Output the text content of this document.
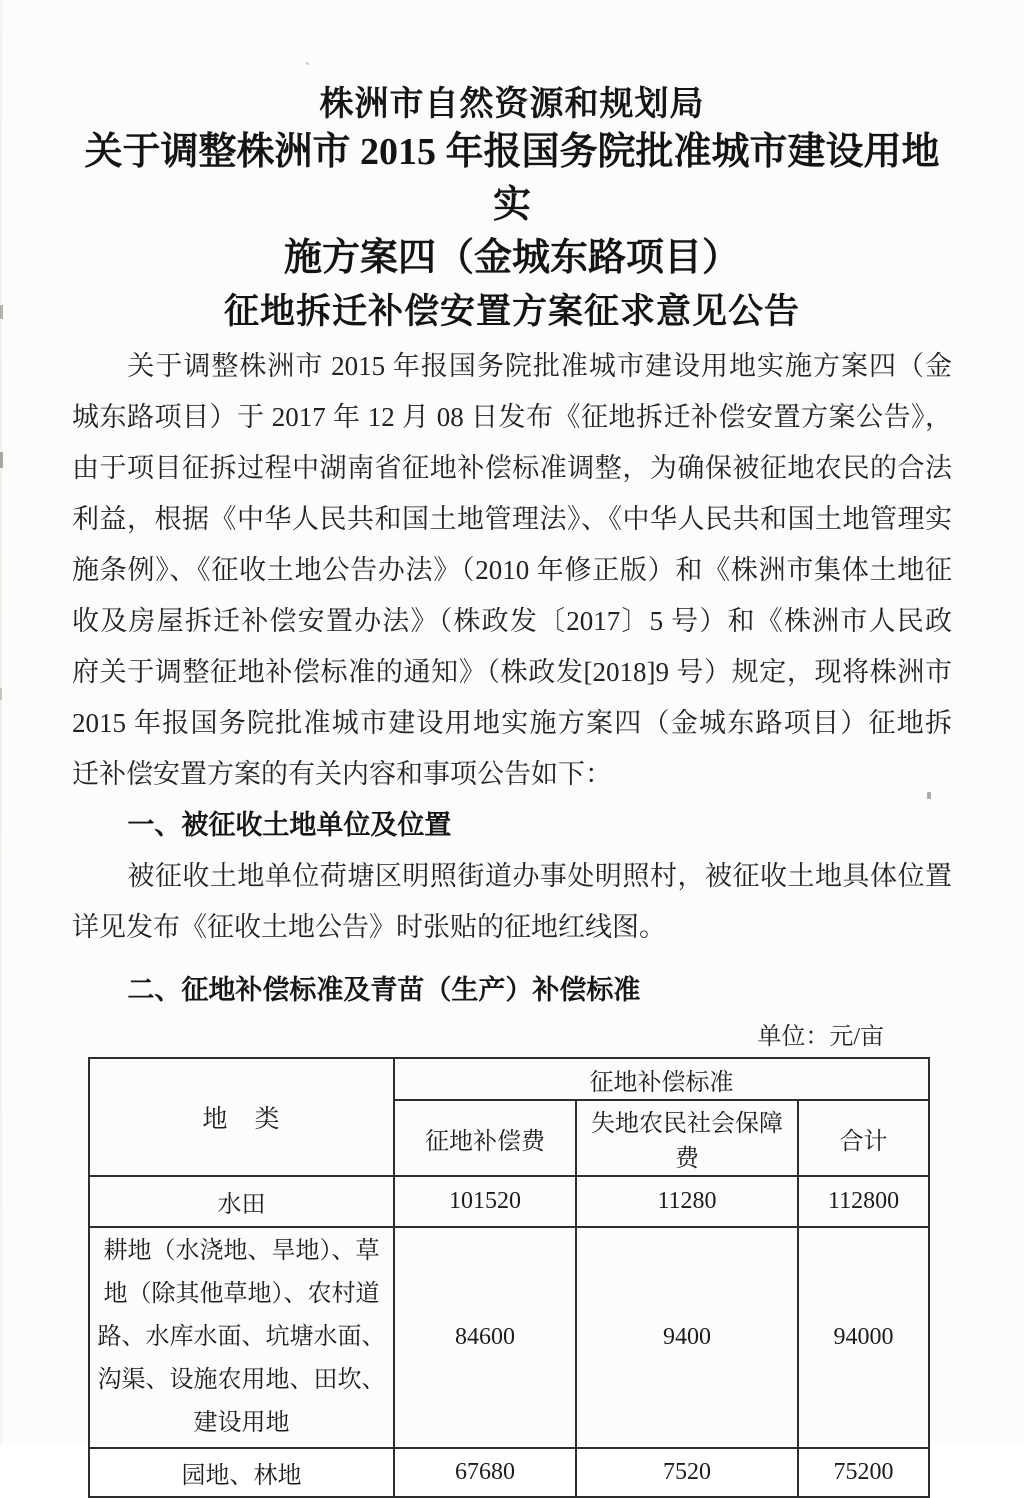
株洲市自然资源和规划局
关于调整株洲市 2015 年报国务院批准城市建设用地实
施方案四（金城东路项目）
征地拆迁补偿安置方案征求意见公告
关于调整株洲市 2015 年报国务院批准城市建设用地实施方案四（金
城东路项目）于 2017 年 12 月 08 日发布《征地拆迁补偿安置方案公告》，
由于项目征拆过程中湖南省征地补偿标准调整，为确保被征地农民的合法
利益，根据《中华人民共和国土地管理法》、《中华人民共和国土地管理实
施条例》、《征收土地公告办法》（2010 年修正版）和《株洲市集体土地征
收及房屋拆迁补偿安置办法》（株政发〔2017〕5 号）和《株洲市人民政
府关于调整征地补偿标准的通知》（株政发[2018]9 号）规定，现将株洲市
2015 年报国务院批准城市建设用地实施方案四（金城东路项目）征地拆
迁补偿安置方案的有关内容和事项公告如下：
一、被征收土地单位及位置
被征收土地单位荷塘区明照街道办事处明照村，被征收土地具体位置
详见发布《征收土地公告》时张贴的征地红线图。
二、征地补偿标准及青苗（生产）补偿标准
单位：元/亩
地　类	征地补偿标准		
	征地补偿费	失地农民社会保障费	合计
水田	101520	11280	112800
耕地（水浇地、旱地）、草地（除其他草地）、农村道路、水库水面、坑塘水面、沟渠、设施农用地、田坎、建设用地	84600	9400	94000
园地、林地	67680	7520	75200
